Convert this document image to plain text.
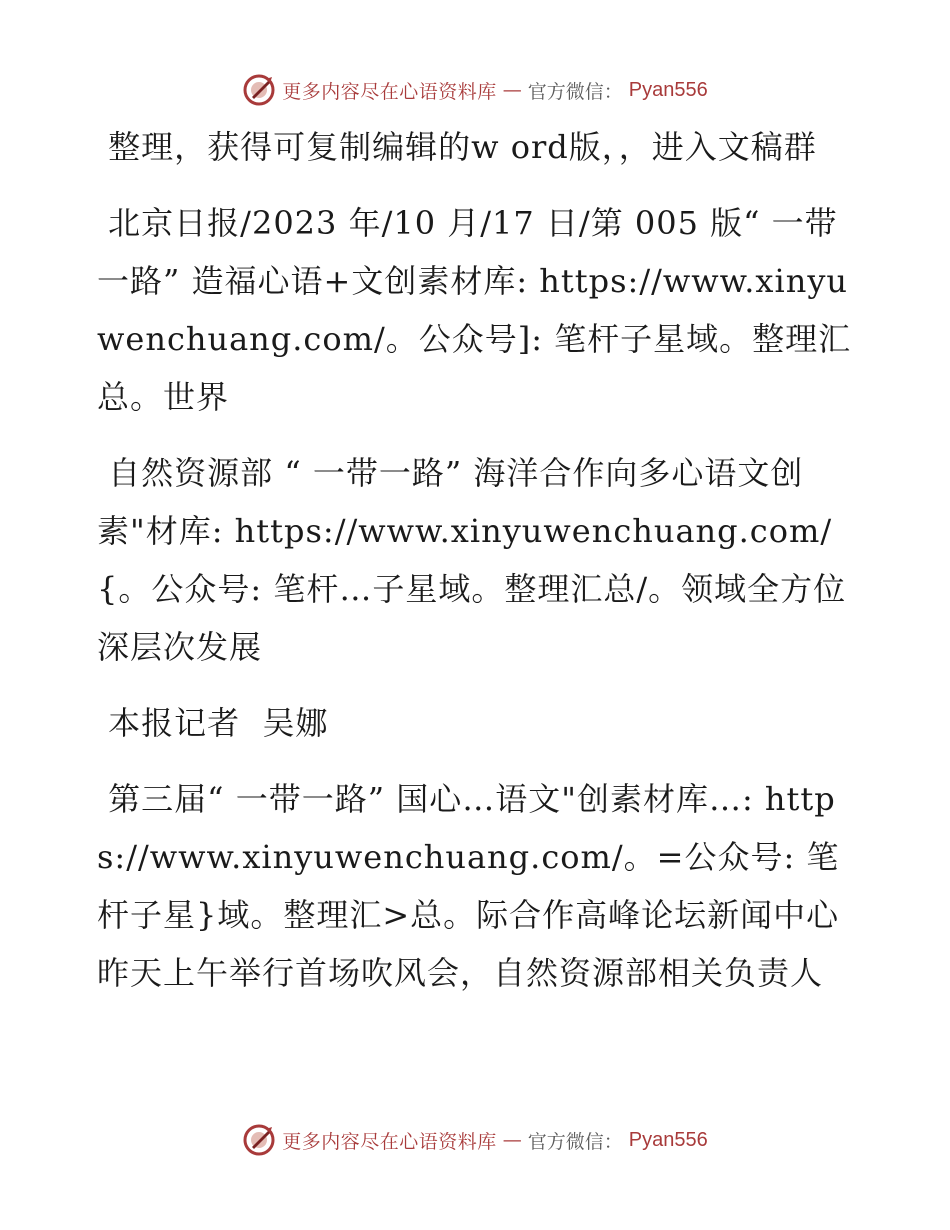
更多内容尽在心语资料库 — 官方微信： Pyan556

整理，获得可复制编辑的w ord版，，进入文稿群

北京日报/2023 年/10 月/17 日/第 005 版“ 一带一路” 造福心语+文创素材库: https://www.xinyuwenchuang.com/。公众号]: 笔杆子星域。整理汇总。世界

自然资源部 “ 一带一路” 海洋合作向多心语文创素"材库: https://www.xinyuwenchuang.com/{。公众号: 笔杆…子星域。整理汇总/。领域全方位深层次发展

本报记者  吴娜

第三届“ 一带一路” 国心…语文"创素材库…: https://www.xinyuwenchuang.com/。=公众号: 笔杆子星}域。整理汇>总。际合作高峰论坛新闻中心昨天上午举行首场吹风会，自然资源部相关负责人

更多内容尽在心语资料库 — 官方微信： Pyan556
